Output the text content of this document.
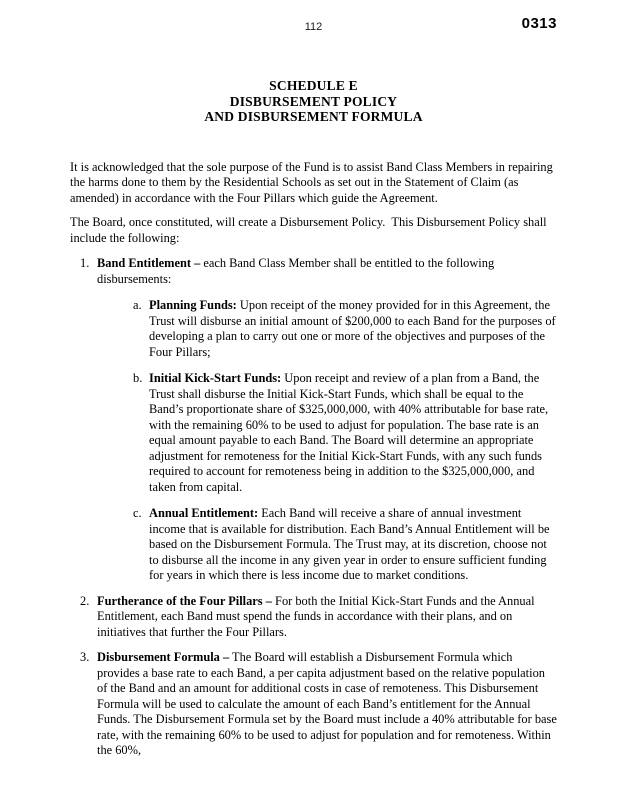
112	0313
SCHEDULE E
DISBURSEMENT POLICY
AND DISBURSEMENT FORMULA

It is acknowledged that the sole purpose of the Fund is to assist Band Class Members in repairing the harms done to them by the Residential Schools as set out in the Statement of Claim (as amended) in accordance with the Four Pillars which guide the Agreement.

The Board, once constituted, will create a Disbursement Policy.  This Disbursement Policy shall include the following:

1. Band Entitlement – each Band Class Member shall be entitled to the following disbursements:
a. Planning Funds: Upon receipt of the money provided for in this Agreement, the Trust will disburse an initial amount of $200,000 to each Band for the purposes of developing a plan to carry out one or more of the objectives and purposes of the Four Pillars;
b. Initial Kick-Start Funds: Upon receipt and review of a plan from a Band, the Trust shall disburse the Initial Kick-Start Funds, which shall be equal to the Band’s proportionate share of $325,000,000, with 40% attributable for base rate, with the remaining 60% to be used to adjust for population. The base rate is an equal amount payable to each Band. The Board will determine an appropriate adjustment for remoteness for the Initial Kick-Start Funds, with any such funds required to account for remoteness being in addition to the $325,000,000, and taken from capital.
c. Annual Entitlement: Each Band will receive a share of annual investment income that is available for distribution. Each Band’s Annual Entitlement will be based on the Disbursement Formula. The Trust may, at its discretion, choose not to disburse all the income in any given year in order to ensure sufficient funding for years in which there is less income due to market conditions.
2. Furtherance of the Four Pillars – For both the Initial Kick-Start Funds and the Annual Entitlement, each Band must spend the funds in accordance with their plans, and on initiatives that further the Four Pillars.
3. Disbursement Formula – The Board will establish a Disbursement Formula which provides a base rate to each Band, a per capita adjustment based on the relative population of the Band and an amount for additional costs in case of remoteness. This Disbursement Formula will be used to calculate the amount of each Band’s entitlement for the Annual Funds. The Disbursement Formula set by the Board must include a 40% attributable for base rate, with the remaining 60% to be used to adjust for population and for remoteness. Within the 60%,
